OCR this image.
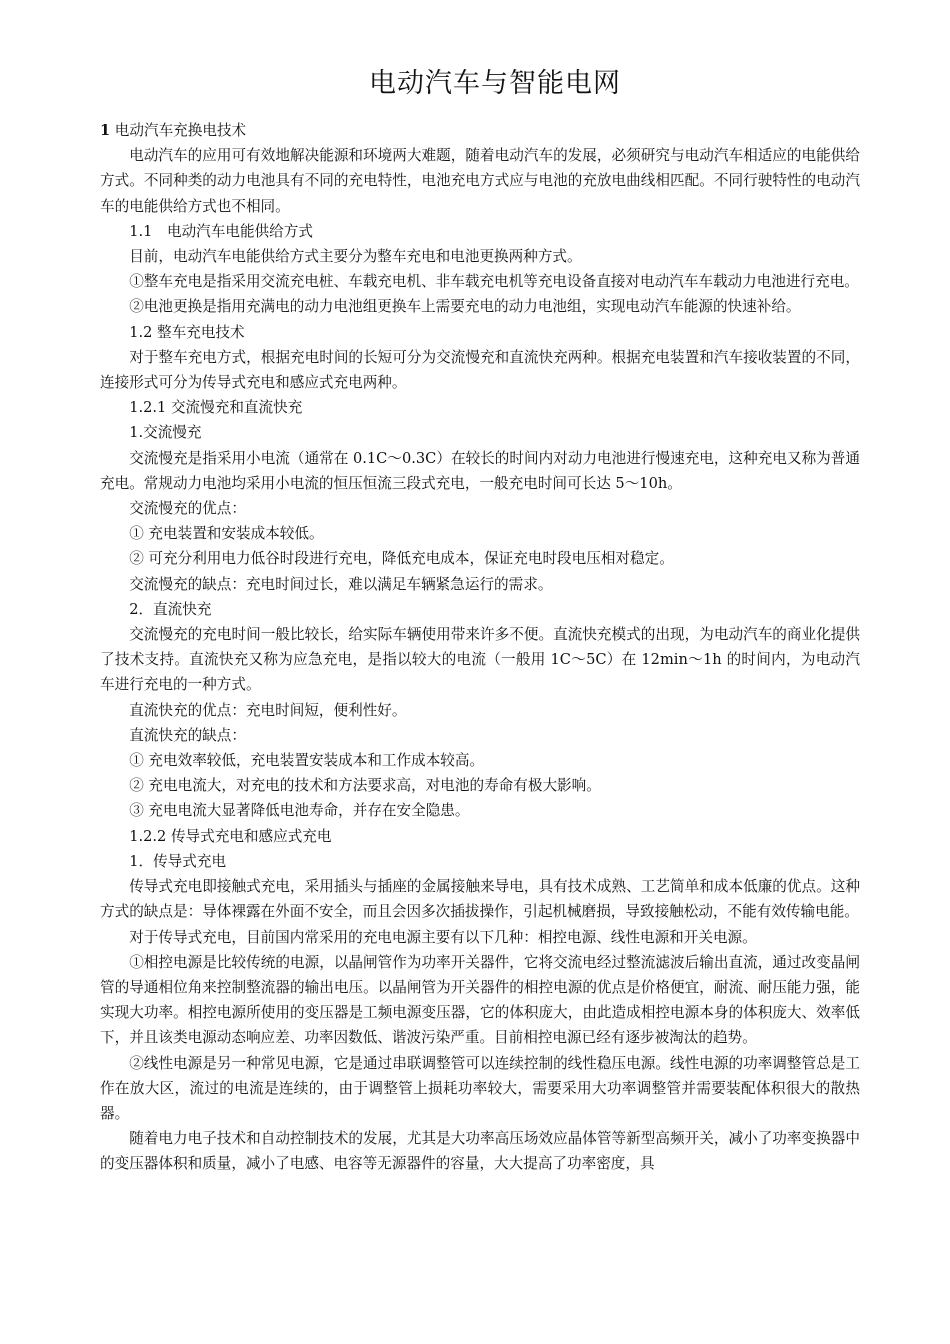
电动汽车与智能电网

1 电动汽车充换电技术

电动汽车的应用可有效地解决能源和环境两大难题，随着电动汽车的发展，必须研究与电动汽车相适应的电能供给方式。不同种类的动力电池具有不同的充电特性，电池充电方式应与电池的充放电曲线相匹配。不同行驶特性的电动汽车的电能供给方式也不相同。

1.1　电动汽车电能供给方式

目前，电动汽车电能供给方式主要分为整车充电和电池更换两种方式。

①整车充电是指采用交流充电桩、车载充电机、非车载充电机等充电设备直接对电动汽车车载动力电池进行充电。

②电池更换是指用充满电的动力电池组更换车上需要充电的动力电池组，实现电动汽车能源的快速补给。

1.2 整车充电技术

对于整车充电方式，根据充电时间的长短可分为交流慢充和直流快充两种。根据充电装置和汽车接收装置的不同，连接形式可分为传导式充电和感应式充电两种。

1.2.1 交流慢充和直流快充

1.交流慢充

交流慢充是指采用小电流（通常在 0.1C～0.3C）在较长的时间内对动力电池进行慢速充电，这种充电又称为普通充电。常规动力电池均采用小电流的恒压恒流三段式充电，一般充电时间可长达 5～10h。

交流慢充的优点：

① 充电装置和安装成本较低。

② 可充分利用电力低谷时段进行充电，降低充电成本，保证充电时段电压相对稳定。

交流慢充的缺点：充电时间过长，难以满足车辆紧急运行的需求。

2．直流快充

交流慢充的充电时间一般比较长，给实际车辆使用带来许多不便。直流快充模式的出现，为电动汽车的商业化提供了技术支持。直流快充又称为应急充电，是指以较大的电流（一般用 1C～5C）在 12min～1h 的时间内，为电动汽车进行充电的一种方式。

直流快充的优点：充电时间短，便利性好。

直流快充的缺点：

① 充电效率较低，充电装置安装成本和工作成本较高。

② 充电电流大，对充电的技术和方法要求高，对电池的寿命有极大影响。

③ 充电电流大显著降低电池寿命，并存在安全隐患。

1.2.2 传导式充电和感应式充电

1．传导式充电

传导式充电即接触式充电，采用插头与插座的金属接触来导电，具有技术成熟、工艺简单和成本低廉的优点。这种方式的缺点是：导体裸露在外面不安全，而且会因多次插拔操作，引起机械磨损，导致接触松动，不能有效传输电能。

对于传导式充电，目前国内常采用的充电电源主要有以下几种：相控电源、线性电源和开关电源。

①相控电源是比较传统的电源，以晶闸管作为功率开关器件，它将交流电经过整流滤波后输出直流，通过改变晶闸管的导通相位角来控制整流器的输出电压。以晶闸管为开关器件的相控电源的优点是价格便宜，耐流、耐压能力强，能实现大功率。相控电源所使用的变压器是工频电源变压器，它的体积庞大，由此造成相控电源本身的体积庞大、效率低下，并且该类电源动态响应差、功率因数低、谐波污染严重。目前相控电源已经有逐步被淘汰的趋势。

②线性电源是另一种常见电源，它是通过串联调整管可以连续控制的线性稳压电源。线性电源的功率调整管总是工作在放大区，流过的电流是连续的，由于调整管上损耗功率较大，需要采用大功率调整管并需要装配体积很大的散热器。

随着电力电子技术和自动控制技术的发展，尤其是大功率高压场效应晶体管等新型高频开关，减小了功率变换器中的变压器体积和质量，减小了电感、电容等无源器件的容量，大大提高了功率密度，具
